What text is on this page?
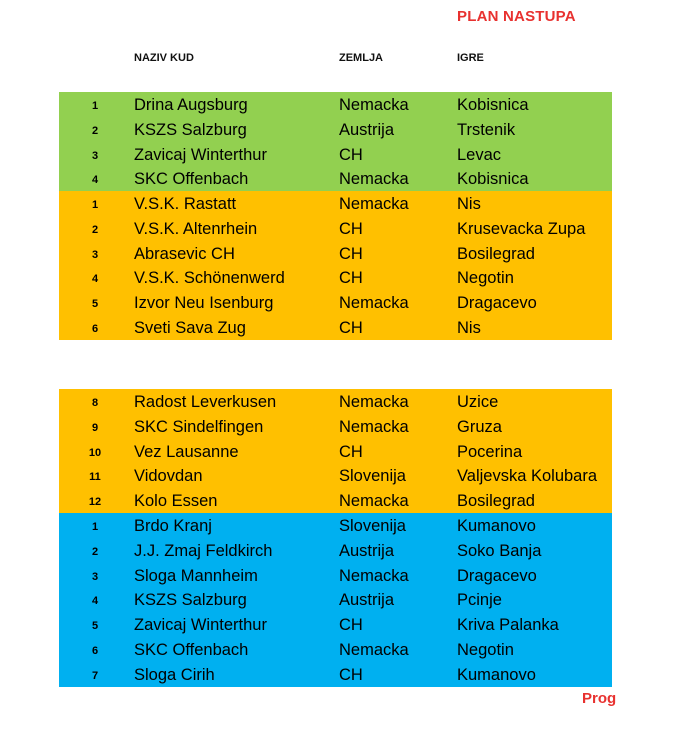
PLAN NASTUPA
NAZIV KUD	ZEMLJA	IGRE
1	Drina Augsburg	Nemacka	Kobisnica
2	KSZS Salzburg	Austrija	Trstenik
3	Zavicaj Winterthur	CH	Levac
4	SKC Offenbach	Nemacka	Kobisnica
1	V.S.K. Rastatt	Nemacka	Nis
2	V.S.K. Altenrhein	CH	Krusevacka Zupa
3	Abrasevic CH	CH	Bosilegrad
4	V.S.K. Schönenwerd	CH	Negotin
5	Izvor Neu Isenburg	Nemacka	Dragacevo
6	Sveti Sava Zug	CH	Nis
8	Radost Leverkusen	Nemacka	Uzice
9	SKC Sindelfingen	Nemacka	Gruza
10 Vez Lausanne	CH	Pocerina
11 Vidovdan	Slovenija	Valjevska Kolubara
12 Kolo Essen	Nemacka	Bosilegrad
1	Brdo Kranj	Slovenija	Kumanovo
2	J.J. Zmaj Feldkirch	Austrija	Soko Banja
3	Sloga Mannheim	Nemacka	Dragacevo
4	KSZS Salzburg	Austrija	Pcinje
5	Zavicaj Winterthur	CH	Kriva Palanka
6	SKC Offenbach	Nemacka	Negotin
7	Sloga Cirih	CH	Kumanovo
Prog
